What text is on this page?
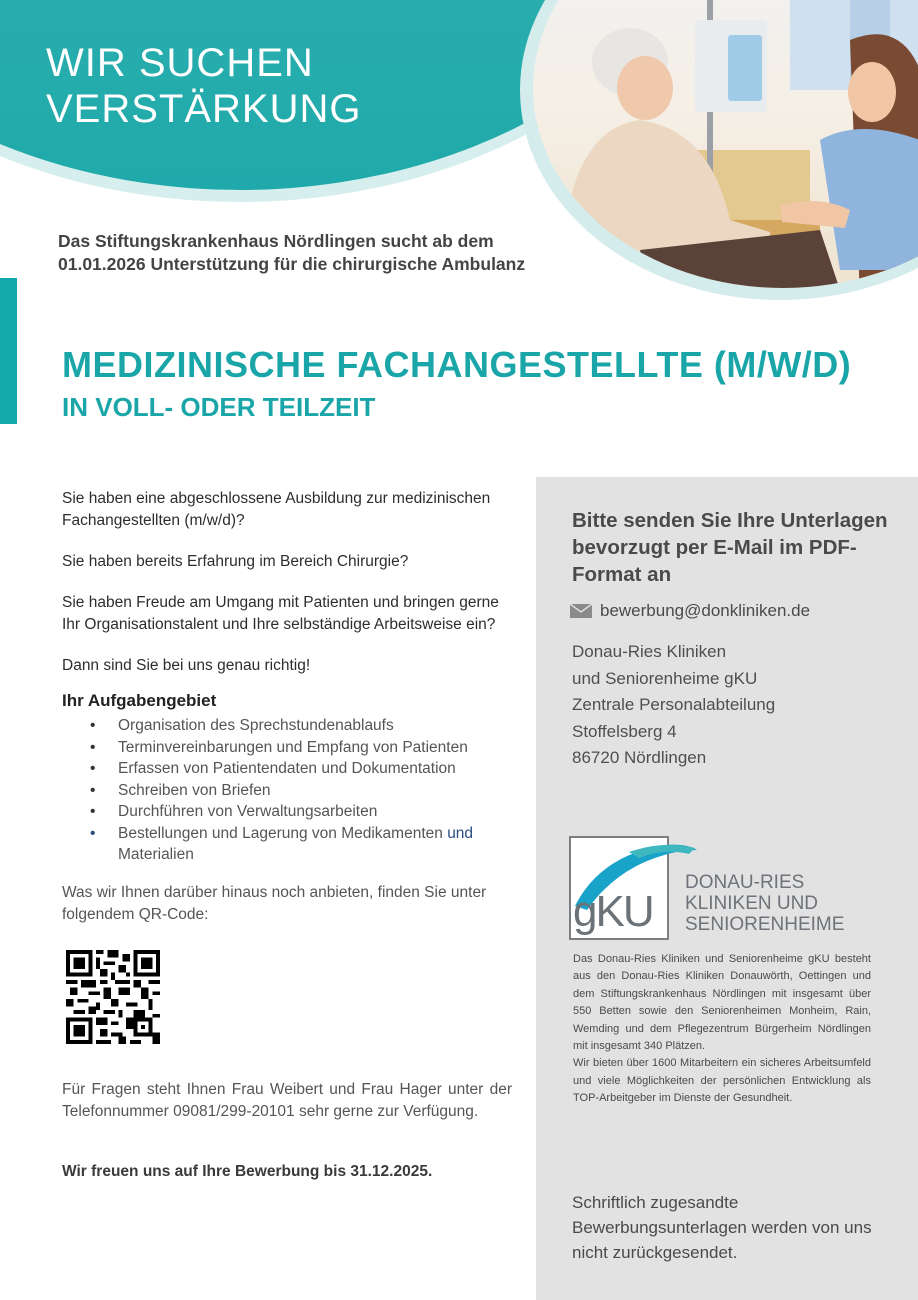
WIR SUCHEN
VERSTÄRKUNG

Das Stiftungskrankenhaus Nördlingen sucht ab dem 01.01.2026 Unterstützung für die chirurgische Ambulanz

MEDIZINISCHE FACHANGESTELLTE (M/W/D)
IN VOLL- ODER TEILZEIT

Sie haben eine abgeschlossene Ausbildung zur medizinischen Fachangestellten (m/w/d)?

Sie haben bereits Erfahrung im Bereich Chirurgie?

Sie haben Freude am Umgang mit Patienten und bringen gerne Ihr Organisationstalent und Ihre selbständige Arbeitsweise ein?

Dann sind Sie bei uns genau richtig!

Ihr Aufgabengebiet
• Organisation des Sprechstundenablaufs
• Terminvereinbarungen und Empfang von Patienten
• Erfassen von Patientendaten und Dokumentation
• Schreiben von Briefen
• Durchführen von Verwaltungsarbeiten
• Bestellungen und Lagerung von Medikamenten und
Materialien

Was wir Ihnen darüber hinaus noch anbieten, finden Sie unter folgendem QR-Code:

Für Fragen steht Ihnen Frau Weibert und Frau Hager unter der Telefonnummer 09081/299-20101 sehr gerne zur Verfügung.

Wir freuen uns auf Ihre Bewerbung bis 31.12.2025.

Bitte senden Sie Ihre Unterlagen bevorzugt per E-Mail im PDF-Format an
bewerbung@donkliniken.de
Donau-Ries Kliniken
und Seniorenheime gKU
Zentrale Personalabteilung
Stoffelsberg 4
86720 Nördlingen
gKU
DONAU-RIES
KLINIKEN UND
SENIORENHEIME

Das Donau-Ries Kliniken und Seniorenheime gKU besteht aus den Donau-Ries Kliniken Donauwörth, Oettingen und dem Stiftungskrankenhaus Nördlingen mit insgesamt über 550 Betten sowie den Seniorenheimen Monheim, Rain, Wemding und dem Pflegezentrum Bürgerheim Nördlingen mit insgesamt 340 Plätzen.

Wir bieten über 1600 Mitarbeitern ein sicheres Arbeitsumfeld und viele Möglichkeiten der persönlichen Entwicklung als TOP-Arbeitgeber im Dienste der Gesundheit.

Schriftlich zugesandte Bewerbungsunterlagen werden von uns nicht zurückgesendet.
